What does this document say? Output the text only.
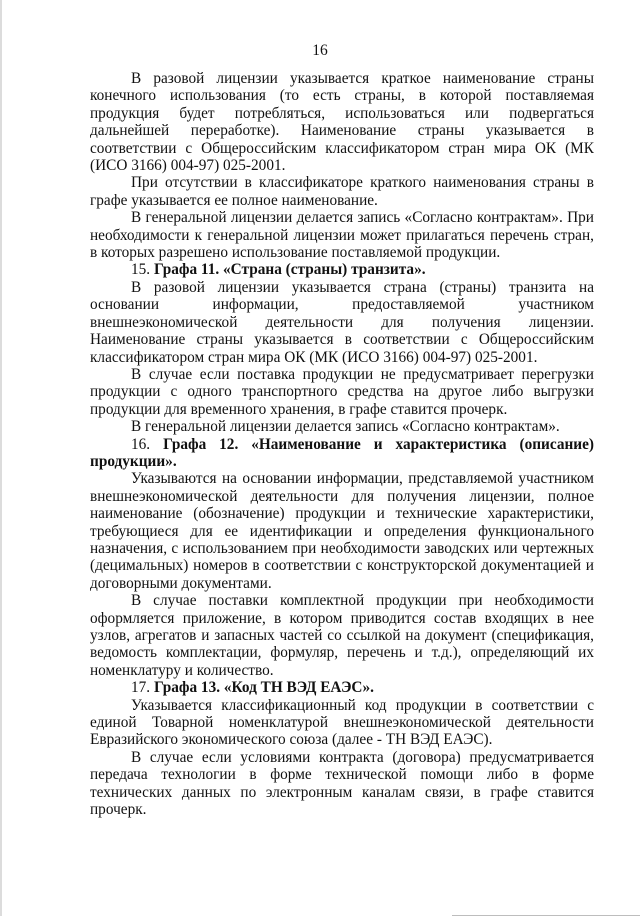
16

В разовой лицензии указывается краткое наименование страны конечного использования (то есть страны, в которой поставляемая продукция будет потребляться, использоваться или подвергаться дальнейшей переработке). Наименование страны указывается в соответствии с Общероссийским классификатором стран мира ОК (МК (ИСО 3166) 004-97) 025-2001.

При отсутствии в классификаторе краткого наименования страны в графе указывается ее полное наименование.

В генеральной лицензии делается запись «Согласно контрактам». При необходимости к генеральной лицензии может прилагаться перечень стран, в которых разрешено использование поставляемой продукции.

15. Графа 11. «Страна (страны) транзита».

В разовой лицензии указывается страна (страны) транзита на основании информации, предоставляемой участником внешнеэкономической деятельности для получения лицензии. Наименование страны указывается в соответствии с Общероссийским классификатором стран мира ОК (МК (ИСО 3166) 004-97) 025-2001.

В случае если поставка продукции не предусматривает перегрузки продукции с одного транспортного средства на другое либо выгрузки продукции для временного хранения, в графе ставится прочерк.

В генеральной лицензии делается запись «Согласно контрактам».

16. Графа 12. «Наименование и характеристика (описание) продукции».

Указываются на основании информации, представляемой участником внешнеэкономической деятельности для получения лицензии, полное наименование (обозначение) продукции и технические характеристики, требующиеся для ее идентификации и определения функционального назначения, с использованием при необходимости заводских или чертежных (децимальных) номеров в соответствии с конструкторской документацией и договорными документами.

В случае поставки комплектной продукции при необходимости оформляется приложение, в котором приводится состав входящих в нее узлов, агрегатов и запасных частей со ссылкой на документ (спецификация, ведомость комплектации, формуляр, перечень и т.д.), определяющий их номенклатуру и количество.

17. Графа 13. «Код ТН ВЭД ЕАЭС».

Указывается классификационный код продукции в соответствии с единой Товарной номенклатурой внешнеэкономической деятельности Евразийского экономического союза (далее - ТН ВЭД ЕАЭС).

В случае если условиями контракта (договора) предусматривается передача технологии в форме технической помощи либо в форме технических данных по электронным каналам связи, в графе ставится прочерк.
